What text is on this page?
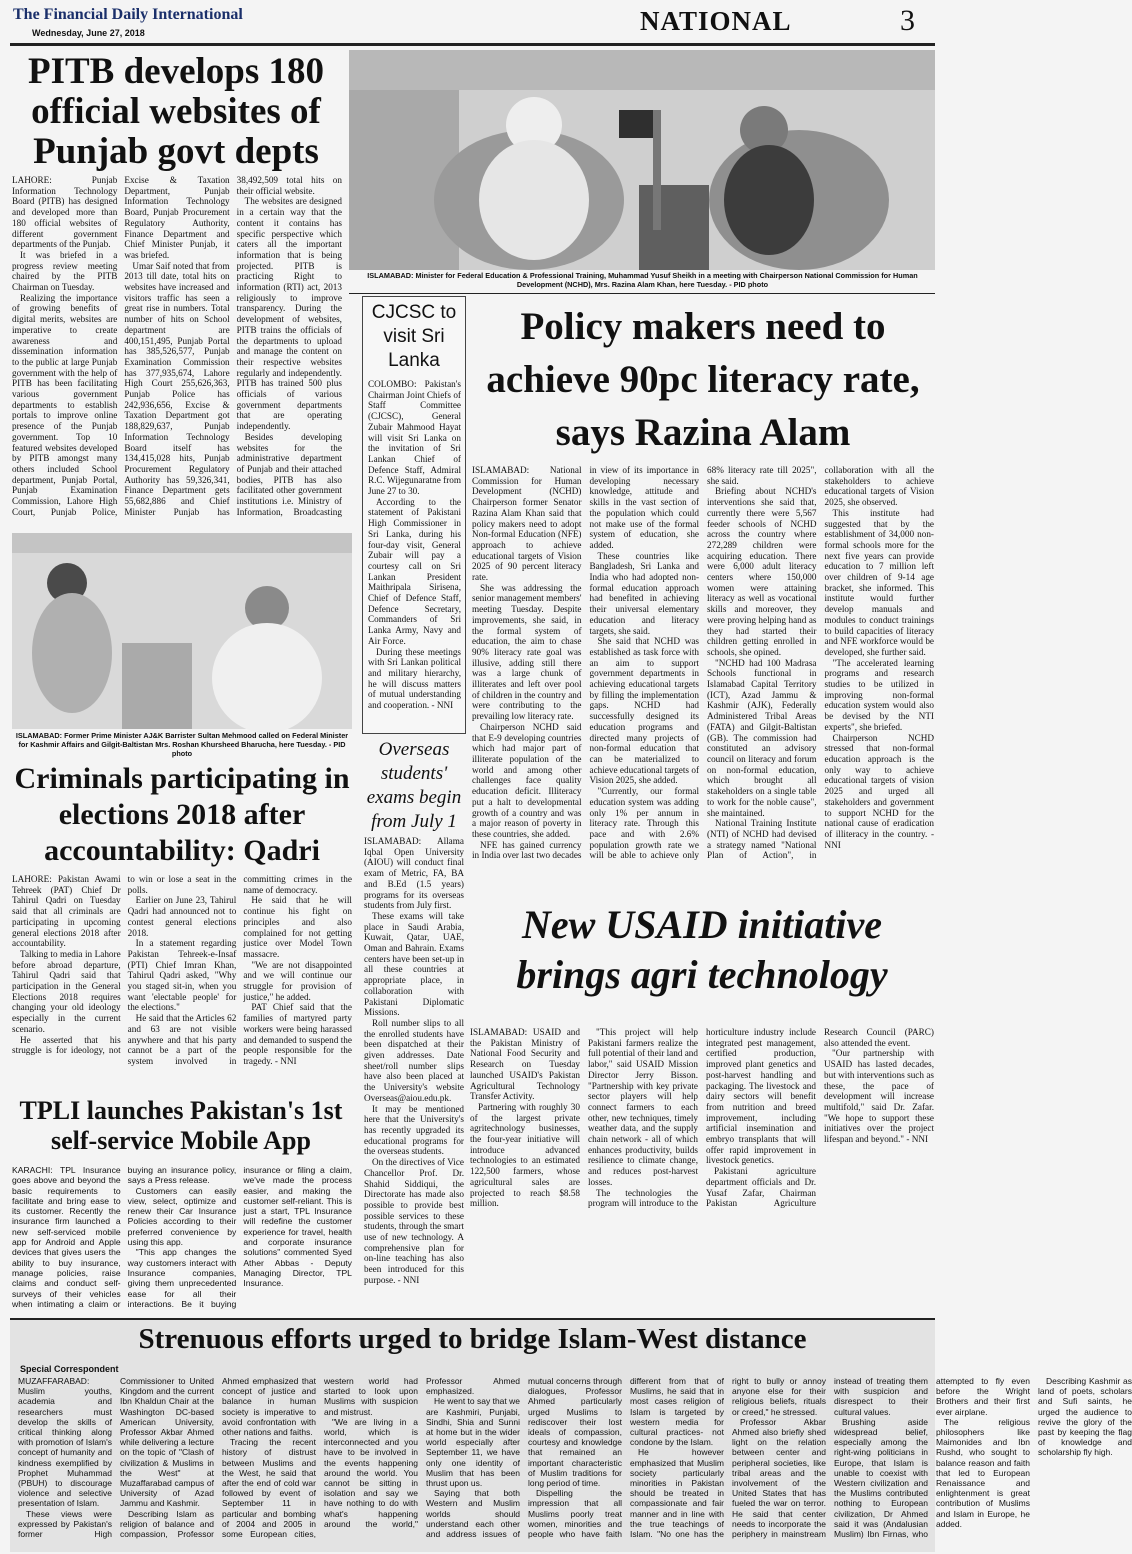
The Financial Daily International
Wednesday, June 27, 2018	NATIONAL	3
PITB develops 180 official websites of Punjab govt depts

LAHORE: Punjab Information Technology Board (PITB) has designed and developed more than 180 official websites of different government departments of the Punjab.

It was briefed in a progress review meeting chaired by the PITB Chairman on Tuesday.

Realizing the importance of growing benefits of digital merits, websites are imperative to create awareness and dissemination information to the public at large Punjab government with the help of PITB has been facilitating various government departments to establish portals to improve online presence of the Punjab government. Top 10 featured websites developed by PITB amongst many others included School department, Punjab Portal, Punjab Examination Commission, Lahore High Court, Punjab Police, Excise & Taxation Department, Punjab Information Technology Board, Punjab Procurement Regulatory Authority, Finance Department and Chief Minister Punjab, it was briefed.

Umar Saif noted that from 2013 till date, total hits on websites have increased and visitors traffic has seen a great rise in numbers. Total number of hits on School department are 400,151,495, Punjab Portal has 385,526,577, Punjab Examination Commission has 377,935,674, Lahore High Court 255,626,363, Punjab Police has 242,936,656, Excise & Taxation Department got 188,829,637, Punjab Information Technology Board itself has 134,415,028 hits, Punjab Procurement Regulatory Authority has 59,326,341, Finance Department gets 55,682,886 and Chief Minister Punjab has 38,492,509 total hits on their official website.

The websites are designed in a certain way that the content it contains has specific perspective which caters all the important information that is being projected. PITB is practicing Right to information (RTI) act, 2013 religiously to improve transparency. During the development of websites, PITB trains the officials of the departments to upload and manage the content on their respective websites regularly and independently. PITB has trained 500 plus officials of various government departments that are operating independently.

Besides developing websites for the administrative department of Punjab and their attached bodies, PITB has also facilitated other government institutions i.e. Ministry of Information, Broadcasting

ISLAMABAD: Minister for Federal Education & Professional Training, Muhammad Yusuf Sheikh in a meeting with Chairperson National Commission for Human Development (NCHD), Mrs. Razina Alam Khan, here Tuesday. - PID photo
CJCSC to visit Sri Lanka

COLOMBO: Pakistan's Chairman Joint Chiefs of Staff Committee (CJCSC), General Zubair Mahmood Hayat will visit Sri Lanka on the invitation of Sri Lankan Chief of Defence Staff, Admiral R.C. Wijegunaratne from June 27 to 30.

According to the statement of Pakistani High Commissioner in Sri Lanka, during his four-day visit, General Zubair will pay a courtesy call on Sri Lankan President Maithripala Sirisena, Chief of Defence Staff, Defence Secretary, Commanders of Sri Lanka Army, Navy and Air Force.

During these meetings with Sri Lankan political and military hierarchy, he will discuss matters of mutual understanding and cooperation. - NNI

Overseas students' exams begin from July 1

ISLAMABAD: Allama Iqbal Open University (AIOU) will conduct final exam of Metric, FA, BA and B.Ed (1.5 years) programs for its overseas students from July first.

These exams will take place in Saudi Arabia, Kuwait, Qatar, UAE, Oman and Bahrain. Exams centers have been set-up in all these countries at appropriate place, in collaboration with Pakistani Diplomatic Missions.

Roll number slips to all the enrolled students have been dispatched at their given addresses. Date sheet/roll number slips have also been placed at the University's website Overseas@aiou.edu.pk.

It may be mentioned here that the University's has recently upgraded its educational programs for the overseas students.

On the directives of Vice Chancellor Prof. Dr. Shahid Siddiqui, the Directorate has made also possible to provide best possible services to these students, through the smart use of new technology. A comprehensive plan for on-line teaching has also been introduced for this purpose. - NNI

Policy makers need to achieve 90pc literacy rate, says Razina Alam

ISLAMABAD: National Commission for Human Development (NCHD) Chairperson former Senator Razina Alam Khan said that policy makers need to adopt Non-formal Education (NFE) approach to achieve educational targets of Vision 2025 of 90 percent literacy rate.

She was addressing the senior management members' meeting Tuesday. Despite improvements, she said, in the formal system of education, the aim to chase 90% literacy rate goal was illusive, adding still there was a large chunk of illiterates and left over pool of children in the country and were contributing to the prevailing low literacy rate.

Chairperson NCHD said that E-9 developing countries which had major part of illiterate population of the world and among other challenges face quality education deficit. Illiteracy put a halt to developmental growth of a country and was a major reason of poverty in these countries, she added.

NFE has gained currency in India over last two decades in view of its importance in developing necessary knowledge, attitude and skills in the vast section of the population which could not make use of the formal system of education, she added.

These countries like Bangladesh, Sri Lanka and India who had adopted non-formal education approach had benefited in achieving their universal elementary education and literacy targets, she said.

She said that NCHD was established as task force with an aim to support government departments in achieving educational targets by filling the implementation gaps. NCHD had successfully designed its education programs and directed many projects of non-formal education that can be materialized to achieve educational targets of Vision 2025, she added.

"Currently, our formal education system was adding only 1% per annum in literacy rate. Through this pace and with 2.6% population growth rate we will be able to achieve only 68% literacy rate till 2025", she said.

Briefing about NCHD's interventions she said that, currently there were 5,567 feeder schools of NCHD across the country where 272,289 children were acquiring education. There were 6,000 adult literacy centers where 150,000 women were attaining literacy as well as vocational skills and moreover, they were proving helping hand as they had started their children getting enrolled in schools, she opined.

"NCHD had 100 Madrasa Schools functional in Islamabad Capital Territory (ICT), Azad Jammu & Kashmir (AJK), Federally Administered Tribal Areas (FATA) and Gilgit-Baltistan (GB). The commission had constituted an advisory council on literacy and forum on non-formal education, which brought all stakeholders on a single table to work for the noble cause", she maintained.

National Training Institute (NTI) of NCHD had devised a strategy named "National Plan of Action", in collaboration with all the stakeholders to achieve educational targets of Vision 2025, she observed.

This institute had suggested that by the establishment of 34,000 non-formal schools more for the next five years can provide education to 7 million left over children of 9-14 age bracket, she informed. This institute would further develop manuals and modules to conduct trainings to build capacities of literacy and NFE workforce would be developed, she further said.

"The accelerated learning programs and research studies to be utilized in improving non-formal education system would also be devised by the NTI experts", she briefed.

Chairperson NCHD stressed that non-formal education approach is the only way to achieve educational targets of vision 2025 and urged all stakeholders and government to support NCHD for the national cause of eradication of illiteracy in the country. - NNI

ISLAMABAD: Former Prime Minister AJ&K Barrister Sultan Mehmood called on Federal Minister for Kashmir Affairs and Gilgit-Baltistan Mrs. Roshan Khursheed Bharucha, here Tuesday. - PID photo
Criminals participating in elections 2018 after accountability: Qadri

LAHORE: Pakistan Awami Tehreek (PAT) Chief Dr Tahirul Qadri on Tuesday said that all criminals are participating in upcoming general elections 2018 after accountability.

Talking to media in Lahore before abroad departure, Tahirul Qadri said that participation in the General Elections 2018 requires changing your old ideology especially in the current scenario.

He asserted that his struggle is for ideology, not to win or lose a seat in the polls.

Earlier on June 23, Tahirul Qadri had announced not to contest general elections 2018.

In a statement regarding Pakistan Tehreek-e-Insaf (PTI) Chief Imran Khan, Tahirul Qadri asked, "Why you staged sit-in, when you want 'electable people' for the elections."

He said that the Articles 62 and 63 are not visible anywhere and that his party cannot be a part of the system involved in committing crimes in the name of democracy.

He said that he will continue his fight on principles and also complained for not getting justice over Model Town massacre.

"We are not disappointed and we will continue our struggle for provision of justice," he added.

PAT Chief said that the families of martyred party workers were being harassed and demanded to suspend the people responsible for the tragedy. - NNI

TPLI launches Pakistan's 1st self-service Mobile App

KARACHI: TPL Insurance goes above and beyond the basic requirements to facilitate and bring ease to its customer. Recently the insurance firm launched a new self-serviced mobile app for Android and Apple devices that gives users the ability to buy insurance, manage policies, raise claims and conduct self-surveys of their vehicles when intimating a claim or buying an insurance policy, says a Press release.

Customers can easily view, select, optimize and renew their Car Insurance Policies according to their preferred convenience by using this app.

"This app changes the way customers interact with Insurance companies, giving them unprecedented ease for all their interactions. Be it buying insurance or filing a claim, we've made the process easier, and making the customer self-reliant. This is just a start, TPL Insurance will redefine the customer experience for travel, health and corporate insurance solutions" commented Syed Ather Abbas - Deputy Managing Director, TPL Insurance.

New USAID initiative brings agri technology

ISLAMABAD: USAID and the Pakistan Ministry of National Food Security and Research on Tuesday launched USAID's Pakistan Agricultural Technology Transfer Activity.

Partnering with roughly 30 of the largest private agritechnology businesses, the four-year initiative will introduce advanced technologies to an estimated 122,500 farmers, whose agricultural sales are projected to reach $8.58 million.

"This project will help Pakistani farmers realize the full potential of their land and labor," said USAID Mission Director Jerry Bisson. "Partnership with key private sector players will help connect farmers to each other, new techniques, timely weather data, and the supply chain network - all of which enhances productivity, builds resilience to climate change, and reduces post-harvest losses.

The technologies the program will introduce to the horticulture industry include integrated pest management, certified production, improved plant genetics and post-harvest handling and packaging. The livestock and dairy sectors will benefit from nutrition and breed improvement, including artificial insemination and embryo transplants that will offer rapid improvement in livestock genetics.

Pakistani agriculture department officials and Dr. Yusaf Zafar, Chairman Pakistan Agriculture Research Council (PARC) also attended the event.

"Our partnership with USAID has lasted decades, but with interventions such as these, the pace of development will increase multifold," said Dr. Zafar. "We hope to support these initiatives over the project lifespan and beyond." - NNI

Strenuous efforts urged to bridge Islam-West distance
Special Correspondent

MUZAFFARABAD: Muslim youths, academia and researchers must develop the skills of critical thinking along with promotion of Islam's concept of humanity and kindness exemplified by Prophet Muhammad (PBUH) to discourage violence and selective presentation of Islam.

These views were expressed by Pakistan's former High Commissioner to United Kingdom and the current Ibn Khaldun Chair at the Washington DC-based American University, Professor Akbar Ahmed while delivering a lecture on the topic of "Clash of civilization & Muslims in the West" at Muzaffarabad campus of University of Azad Jammu and Kashmir.

Describing Islam as religion of balance and compassion, Professor Ahmed emphasized that concept of justice and balance in human society is imperative to avoid confrontation with other nations and faiths.

Tracing the recent history of distrust between Muslims and the West, he said that after the end of cold war followed by event of September 11 in particular and bombing of 2004 and 2005 in some European cities, western world had started to look upon Muslims with suspicion and mistrust.

"We are living in a world, which is interconnected and you have to be involved in the events happening around the world. You cannot be sitting in isolation and say we have nothing to do with what's happening around the world," Professor Ahmed emphasized.

He went to say that we are Kashmiri, Punjabi, Sindhi, Shia and Sunni at home but in the wider world especially after September 11, we have only one identity of Muslim that has been thrust upon us.

Saying that both Western and Muslim worlds should understand each other and address issues of mutual concerns through dialogues, Professor Ahmed particularly urged Muslims to rediscover their lost ideals of compassion, courtesy and knowledge that remained an important characteristic of Muslim traditions for long period of time.

Dispelling the impression that all Muslims poorly treat women, minorities and people who have faith different from that of Muslims, he said that in most cases religion of Islam is targeted by western media for cultural practices- not condone by the Islam.

He however emphasized that Muslim society particularly minorities in Pakistan should be treated in compassionate and fair manner and in line with the true teachings of Islam. "No one has the right to bully or annoy anyone else for their religious beliefs, rituals or creed," he stressed.

Professor Akbar Ahmed also briefly shed light on the relation between center and peripheral societies, like tribal areas and the involvement of the United States that has fueled the war on terror. He said that center needs to incorporate the periphery in mainstream instead of treating them with suspicion and disrespect to their cultural values.

Brushing aside widespread belief, especially among the right-wing politicians in Europe, that Islam is unable to coexist with Western civilization and the Muslims contributed nothing to European civilization, Dr Ahmed said it was (Andalusian Muslim) Ibn Firnas, who attempted to fly even before the Wright Brothers and their first ever airplane.

The religious philosophers like Maimonides and Ibn Rushd, who sought to balance reason and faith that led to European Renaissance and enlightenment is great contribution of Muslims and Islam in Europe, he added.

Describing Kashmir as land of poets, scholars and Sufi saints, he urged the audience to revive the glory of the past by keeping the flag of knowledge and scholarship fly high.
